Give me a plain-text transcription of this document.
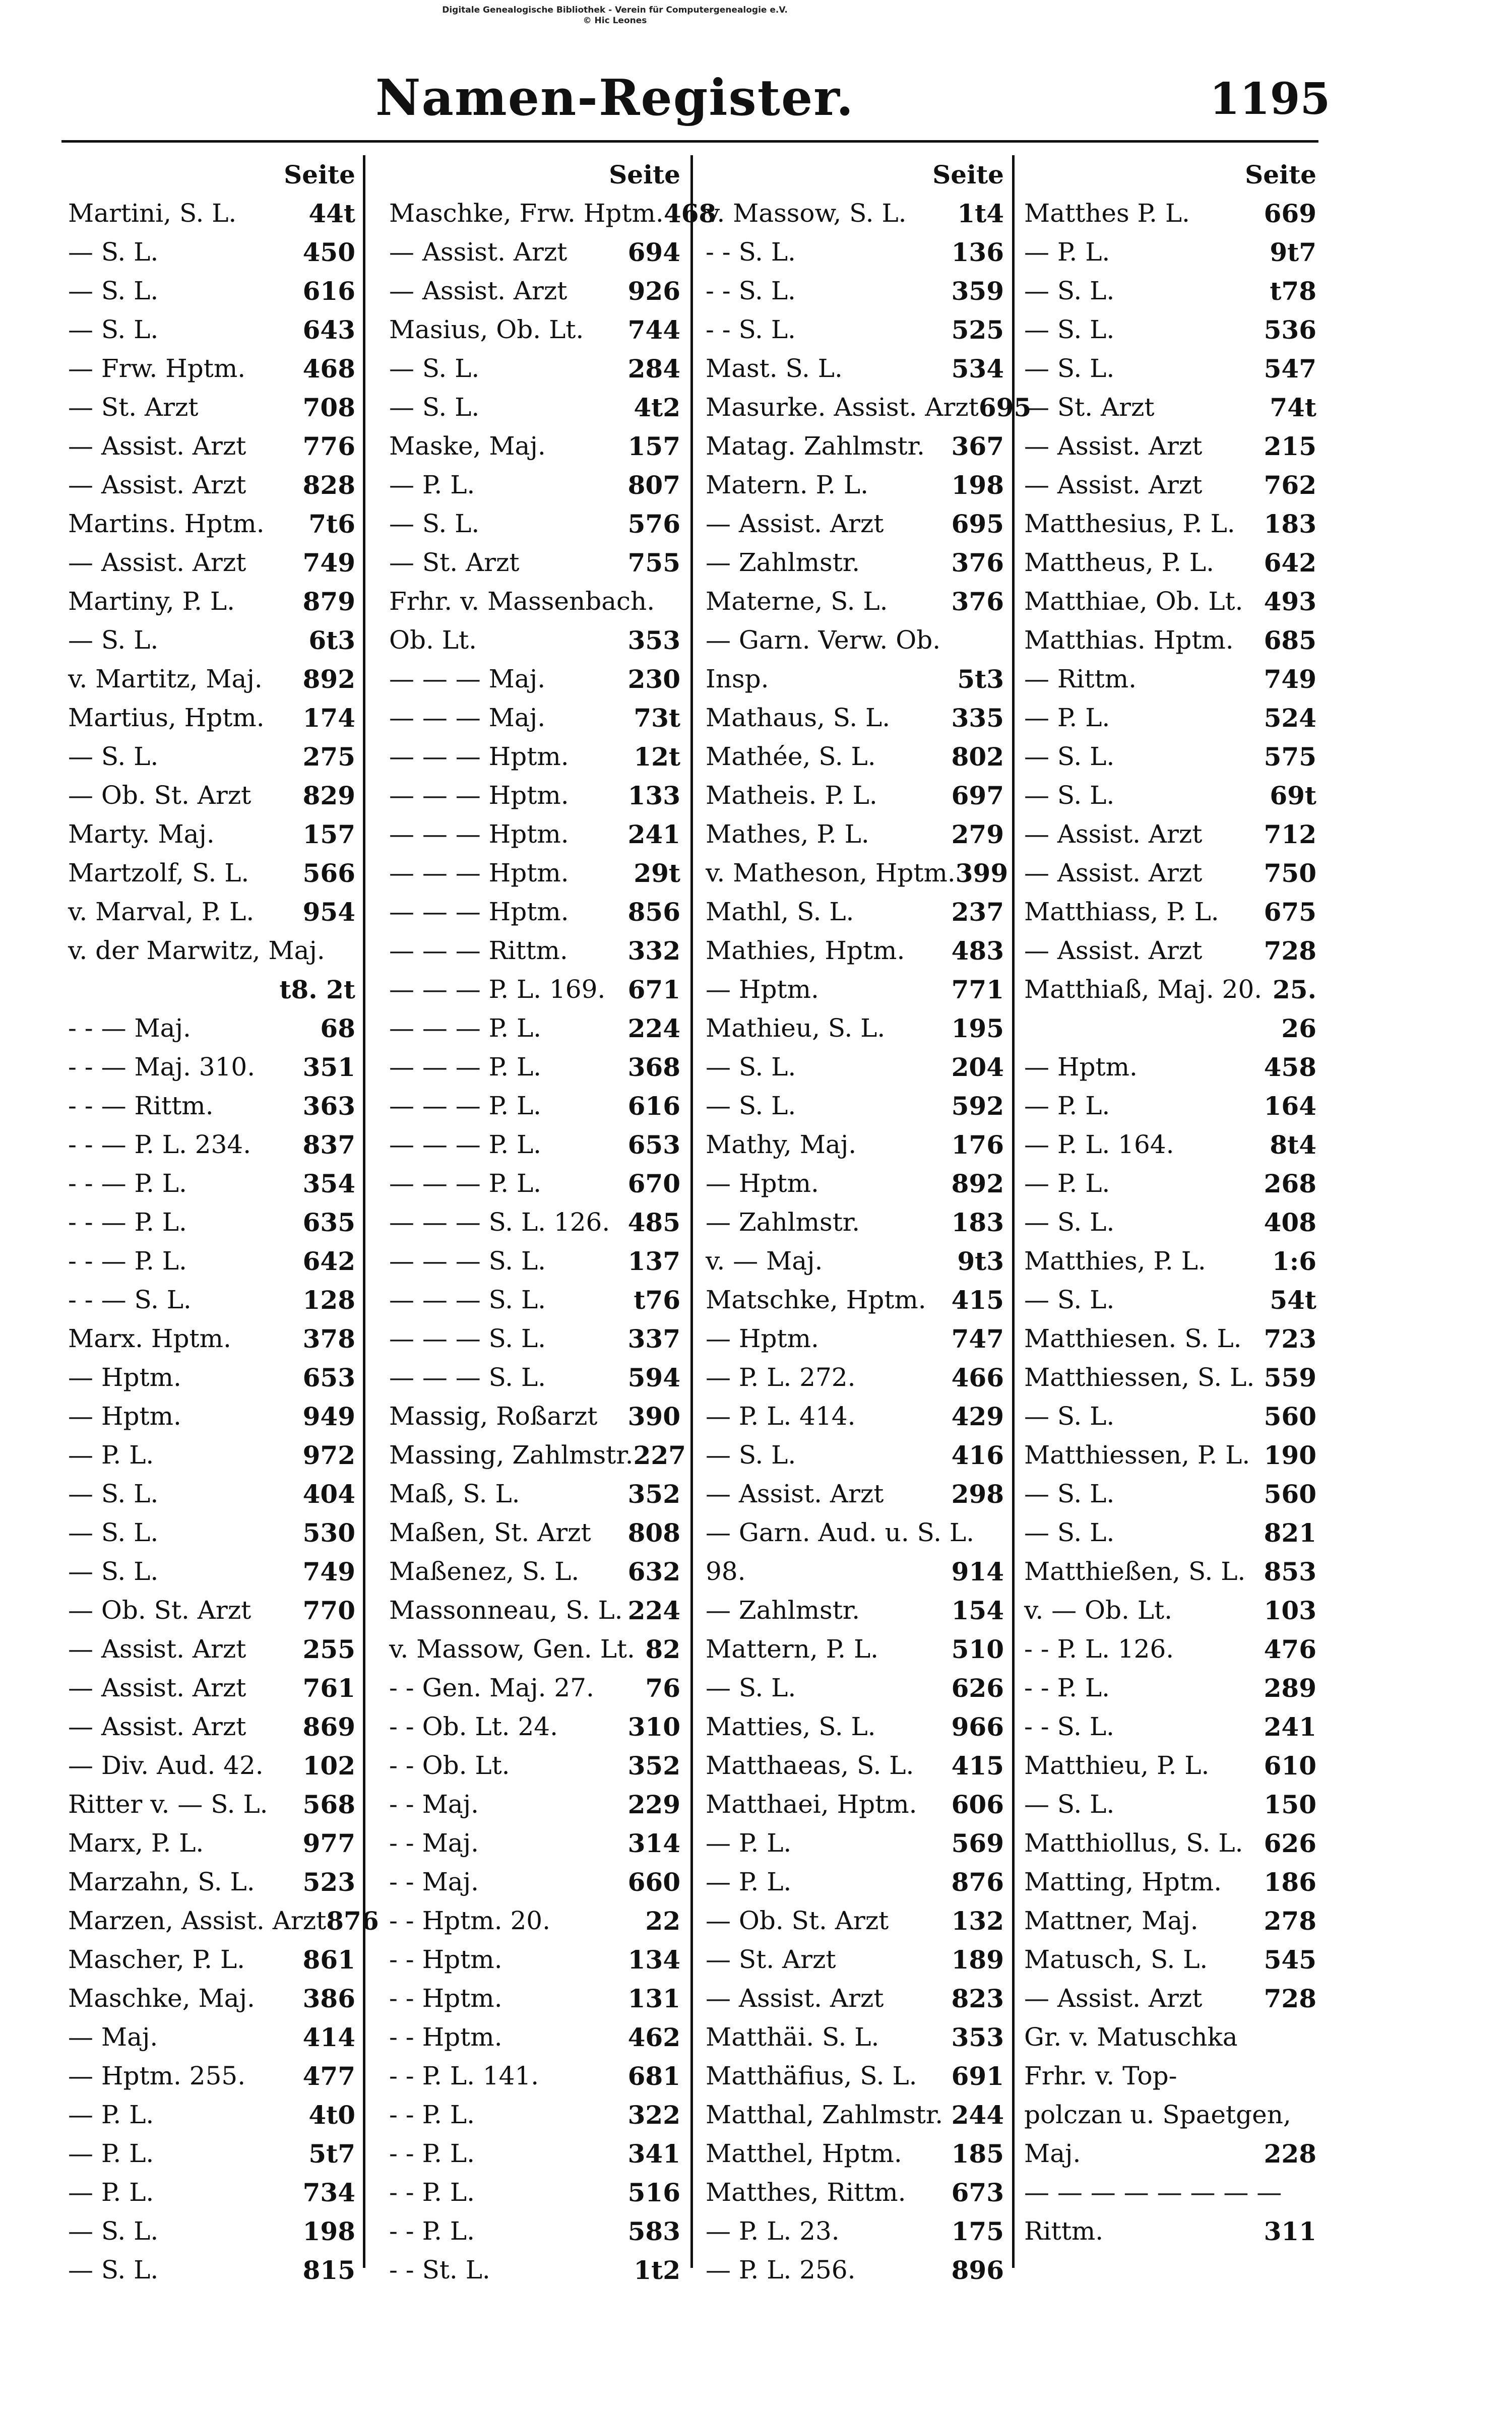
Digitale Genealogische Bibliothek - Verein für Computergenealogie e.V.
© Hic Leones
Namen-Register.	1195
Seite
Martini, S. L.	44t
— S. L.	450
— S. L.	616
— S. L.	643
— Frw. Hptm. 468
— St. Arzt	708
— Assist. Arzt 776
— Assist. Arzt 828
Martins. Hptm. 7t6
— Assist. Arzt 749
Martiny, P. L.	879
— S. L.	6t3
v. Martitz, Maj. 892
Martius, Hptm. 174
— S. L.	275
— Ob. St. Arzt 829
Marty. Maj.	157
Martzolf, S. L. 566
v. Marval, P. L. 954
v. der Marwitz, Maj.
t8. 2t
- - — Maj.	68
- - — Maj. 310. 351
- - — Rittm.	363
- - — P. L. 234. 837
- - — P. L.	354
- - — P. L.	635
- - — P. L.	642
- - — S. L.	128
Marx. Hptm.	378
— Hptm.	653
— Hptm.	949
— P. L.	972
— S. L.	404
— S. L.	530
— S. L.	749
— Ob. St. Arzt 770
— Assist. Arzt 255
— Assist. Arzt 761
— Assist. Arzt 869
— Div. Aud. 42. 102
Ritter v. — S. L. 568
Marx, P. L.	977
Marzahn, S. L. 523
Marzen, Assist. Arzt 876
Mascher, P. L. 861
Maschke, Maj. 386
— Maj.	414
— Hptm. 255. 477
— P. L.	4t0
— P. L.	5t7
— P. L.	734
— S. L.	198
— S. L.	815
Seite
Maschke, Frw. Hptm. 468
— Assist. Arzt 694
— Assist. Arzt 926
Masius, Ob. Lt. 744
— S. L.	284
— S. L.	4t2
Maske, Maj.	157
— P. L.	807
— S. L.	576
— St. Arzt	755
Frhr. v. Massenbach.
Ob. Lt.	353
— — — Maj.	230
— — — Maj.	73t
— — — Hptm.	12t
— — — Hptm. 133
— — — Hptm. 241
— — — Hptm.	29t
— — — Hptm. 856
— — — Rittm. 332
— — — P. L. 169. 671
— — — P. L.	224
— — — P. L.	368
— — — P. L.	616
— — — P. L.	653
— — — P. L.	670
— — — S. L. 126. 485
— — — S. L.	137
— — — S. L.	t76
— — — S. L.	337
— — — S. L.	594
Massig, Roßarzt 390
Massing, Zahlmstr. 227
Maß, S. L.	352
Maßen, St. Arzt 808
Maßenez, S. L. 632
Massonneau, S. L. 224
v. Massow, Gen. Lt. 82
- - Gen. Maj. 27. 76
- - Ob. Lt. 24.	310
- - Ob. Lt.	352
- - Maj.	229
- - Maj.	314
- - Maj.	660
- - Hptm. 20.	22
- - Hptm.	134
- - Hptm.	131
- - Hptm.	462
- - P. L. 141.	681
- - P. L.	322
- - P. L.	341
- - P. L.	516
- - P. L.	583
- - St. L.	1t2
Seite
v. Massow, S. L. 1t4
- - S. L.	136
- - S. L.	359
- - S. L.	525
Mast. S. L.	534
Masurke. Assist. Arzt 695
Matag. Zahlmstr. 367
Matern. P. L.	198
— Assist. Arzt	695
— Zahlmstr.	376
Materne, S. L.	376
— Garn. Verw. Ob.
Insp.	5t3
Mathaus, S. L. 335
Mathée, S. L.	802
Matheis. P. L.	697
Mathes, P. L.	279
v. Matheson, Hptm. 399
Mathl, S. L.	237
Mathies, Hptm. 483
— Hptm.	771
Mathieu, S. L.	195
— S. L.	204
— S. L.	592
Mathy, Maj.	176
— Hptm.	892
— Zahlmstr.	183
v. — Maj.	9t3
Matschke, Hptm. 415
— Hptm.	747
— P. L. 272.	466
— P. L. 414.	429
— S. L.	416
— Assist. Arzt	298
— Garn. Aud. u. S. L.
98.	914
— Zahlmstr.	154
Mattern, P. L.	510
— S. L.	626
Matties, S. L.	966
Matthaeas, S. L. 415
Matthaei, Hptm. 606
— P. L.	569
— P. L.	876
— Ob. St. Arzt 132
— St. Arzt	189
— Assist. Arzt	823
Matthäi. S. L.	353
Matthäfius, S. L. 691
Matthal, Zahlmstr. 244
Matthel, Hptm. 185
Matthes, Rittm. 673
— P. L. 23.	175
— P. L. 256.	896
Seite
Matthes P. L.	669
— P. L.	9t7
— S. L.	t78
— S. L.	536
— S. L.	547
— St. Arzt	74t
— Assist. Arzt 215
— Assist. Arzt 762
Matthesius, P. L. 183
Mattheus, P. L. 642
Matthiae, Ob. Lt. 493
Matthias. Hptm. 685
— Rittm.	749
— P. L.	524
— S. L.	575
— S. L.	69t
— Assist. Arzt 712
— Assist. Arzt 750
Matthiass, P. L. 675
— Assist. Arzt 728
Matthiaß, Maj. 20. 25.
26
— Hptm.	458
— P. L.	164
— P. L. 164.	8t4
— P. L.	268
— S. L.	408
Matthies, P. L.	1:6
— S. L.	54t
Matthiesen. S. L. 723
Matthiessen, S. L. 559
— S. L.	560
Matthiessen, P. L. 190
— S. L.	560
— S. L.	821
Matthießen, S. L. 853
v. — Ob. Lt.	103
- - P. L. 126.	476
- - P. L.	289
- - S. L.	241
Matthieu, P. L. 610
— S. L.	150
Matthiollus, S. L. 626
Matting, Hptm. 186
Mattner, Maj.	278
Matusch, S. L. 545
— Assist. Arzt 728
Gr. v. Matuschka
Frhr. v. Top-
polczan u. Spaetgen,
Maj.	228
— — — — — — — —
Rittm.	311
